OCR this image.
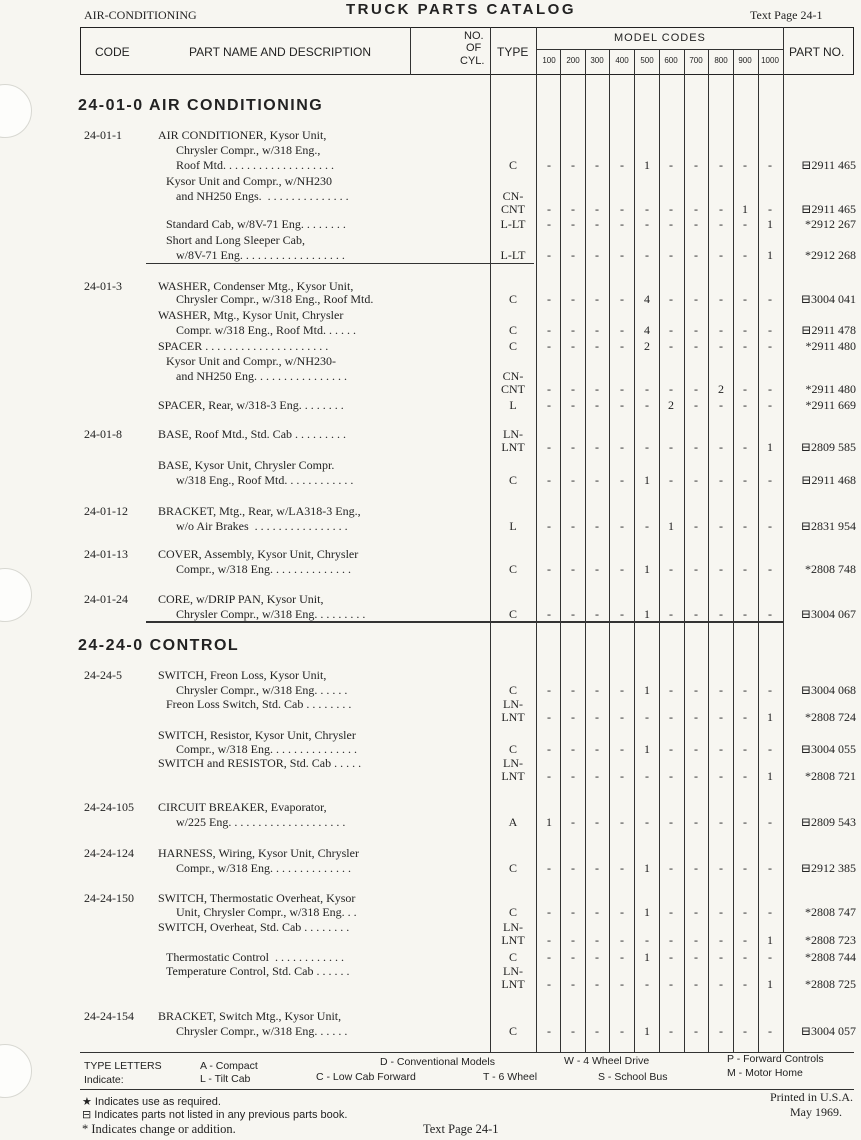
AIR-CONDITIONING	TRUCK PARTS CATALOG	Text Page 24-1
CODE	PART NAME AND DESCRIPTION
NO.
OF
CYL.
TYPE
MODEL CODES
PART NO.
100	200	300	400	500	600	700	800	900	1000
24-01-0 AIR CONDITIONING
24-24-0 CONTROL
24-01-1	AIR CONDITIONER, Kysor Unit,
Chrysler Compr., w/318 Eng.,
Roof Mtd. . . . . . . . . . . . . . . . . . .	C	-	-	-	-	1	-	-	-	-	-	⊟2911 465
Kysor Unit and Compr., w/NH230
and NH250 Engs.  . . . . . . . . . . . . . .	CN-
CNT	-	-	-	-	-	-	-	-	1	-	⊟2911 465
Standard Cab, w/8V-71 Eng. . . . . . . .	L-LT	-	-	-	-	-	-	-	-	-	1	*2912 267
Short and Long Sleeper Cab,
w/8V-71 Eng. . . . . . . . . . . . . . . . . .	L-LT	-	-	-	-	-	-	-	-	-	1	*2912 268
24-01-3	WASHER, Condenser Mtg., Kysor Unit,
Chrysler Compr., w/318 Eng., Roof Mtd.	C	-	-	-	-	4	-	-	-	-	-	⊟3004 041
WASHER, Mtg., Kysor Unit, Chrysler
Compr. w/318 Eng., Roof Mtd. . . . . .	C	-	-	-	-	4	-	-	-	-	-	⊟2911 478
SPACER . . . . . . . . . . . . . . . . . . . . .	C	-	-	-	-	2	-	-	-	-	-	*2911 480
Kysor Unit and Compr., w/NH230-
and NH250 Eng. . . . . . . . . . . . . . . .	CN-
CNT	-	-	-	-	-	-	-	2	-	-	*2911 480
SPACER, Rear, w/318-3 Eng. . . . . . . .	L	-	-	-	-	-	2	-	-	-	-	*2911 669
24-01-8	BASE, Roof Mtd., Std. Cab . . . . . . . . .	LN-
LNT	-	-	-	-	-	-	-	-	-	1	⊟2809 585
BASE, Kysor Unit, Chrysler Compr.
w/318 Eng., Roof Mtd. . . . . . . . . . . .	C	-	-	-	-	1	-	-	-	-	-	⊟2911 468
24-01-12	BRACKET, Mtg., Rear, w/LA318-3 Eng.,
w/o Air Brakes  . . . . . . . . . . . . . . . .	L	-	-	-	-	-	1	-	-	-	-	⊟2831 954
24-01-13	COVER, Assembly, Kysor Unit, Chrysler
Compr., w/318 Eng. . . . . . . . . . . . . .	C	-	-	-	-	1	-	-	-	-	-	*2808 748
24-01-24	CORE, w/DRIP PAN, Kysor Unit,
Chrysler Compr., w/318 Eng. . . . . . . . .	C	-	-	-	-	1	-	-	-	-	-	⊟3004 067
24-24-5	SWITCH, Freon Loss, Kysor Unit,
Chrysler Compr., w/318 Eng. . . . . .	C	-	-	-	-	1	-	-	-	-	-	⊟3004 068
Freon Loss Switch, Std. Cab . . . . . . . .	LN-
LNT	-	-	-	-	-	-	-	-	-	1	*2808 724
SWITCH, Resistor, Kysor Unit, Chrysler
Compr., w/318 Eng. . . . . . . . . . . . . . .	C	-	-	-	-	1	-	-	-	-	-	⊟3004 055
SWITCH and RESISTOR, Std. Cab . . . . .	LN-
LNT	-	-	-	-	-	-	-	-	-	1	*2808 721
24-24-105 CIRCUIT BREAKER, Evaporator,
w/225 Eng. . . . . . . . . . . . . . . . . . . .	A	1	-	-	-	-	-	-	-	-	-	⊟2809 543
24-24-124 HARNESS, Wiring, Kysor Unit, Chrysler
Compr., w/318 Eng. . . . . . . . . . . . . .	C	-	-	-	-	1	-	-	-	-	-	⊟2912 385
24-24-150 SWITCH, Thermostatic Overheat, Kysor
Unit, Chrysler Compr., w/318 Eng. . .	C	-	-	-	-	1	-	-	-	-	-	*2808 747
SWITCH, Overheat, Std. Cab . . . . . . . .	LN-
LNT	-	-	-	-	-	-	-	-	-	1	*2808 723
Thermostatic Control  . . . . . . . . . . . .	C	-	-	-	-	1	-	-	-	-	-	*2808 744
Temperature Control, Std. Cab . . . . . .	LN-
LNT	-	-	-	-	-	-	-	-	-	1	*2808 725
24-24-154 BRACKET, Switch Mtg., Kysor Unit,
Chrysler Compr., w/318 Eng. . . . . .	C	-	-	-	-	1	-	-	-	-	-	⊟3004 057
TYPE LETTERS
Indicate:
A - Compact
L - Tilt Cab
D - Conventional Models
C - Low Cab Forward
W - 4 Wheel Drive
T - 6 Wheel	S - School Bus
P - Forward Controls
M - Motor Home
★ Indicates use as required.
⊟ Indicates parts not listed in any previous parts book.
* Indicates change or addition.	Text Page 24-1
Printed in U.S.A.
May 1969.
